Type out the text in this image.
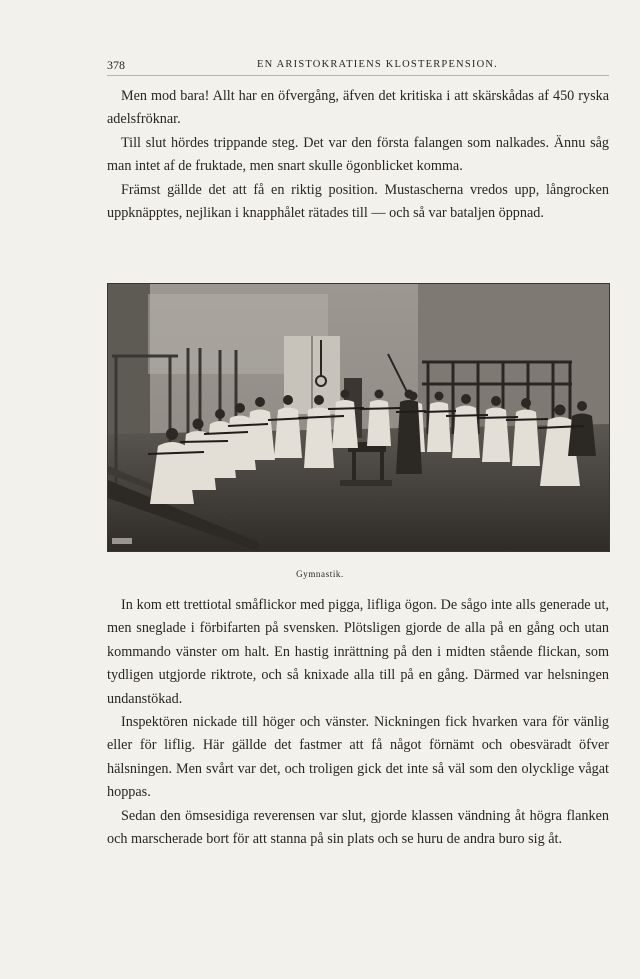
378	EN ARISTOKRATIENS KLOSTERPENSION.

Men mod bara! Allt har en öfvergång, äfven det kritiska i att skärskådas af 450 ryska adelsfröknar.

Till slut hördes trippande steg. Det var den första falangen som nalkades. Ännu såg man intet af de fruktade, men snart skulle ögonblicket komma.

Främst gällde det att få en riktig position. Mustascherna vredos upp, långrocken uppknäpptes, nejlikan i knapphålet rätades till — och så var bataljen öppnad.

Gymnastik.

In kom ett trettiotal småflickor med pigga, lifliga ögon. De sågo inte alls generade ut, men sneglade i förbifarten på svensken. Plötsligen gjorde de alla på en gång och utan kommando vänster om halt. En hastig inrättning på den i midten stående flickan, som tydligen utgjorde riktrote, och så knixade alla till på en gång. Därmed var helsningen undanstökad.

Inspektören nickade till höger och vänster. Nickningen fick hvarken vara för vänlig eller för liflig. Här gällde det fastmer att få något förnämt och obesväradt öfver hälsningen. Men svårt var det, och troligen gick det inte så väl som den olycklige vågat hoppas.

Sedan den ömsesidiga reverensen var slut, gjorde klassen vändning åt högra flanken och marscherade bort för att stanna på sin plats och se huru de andra buro sig åt.
